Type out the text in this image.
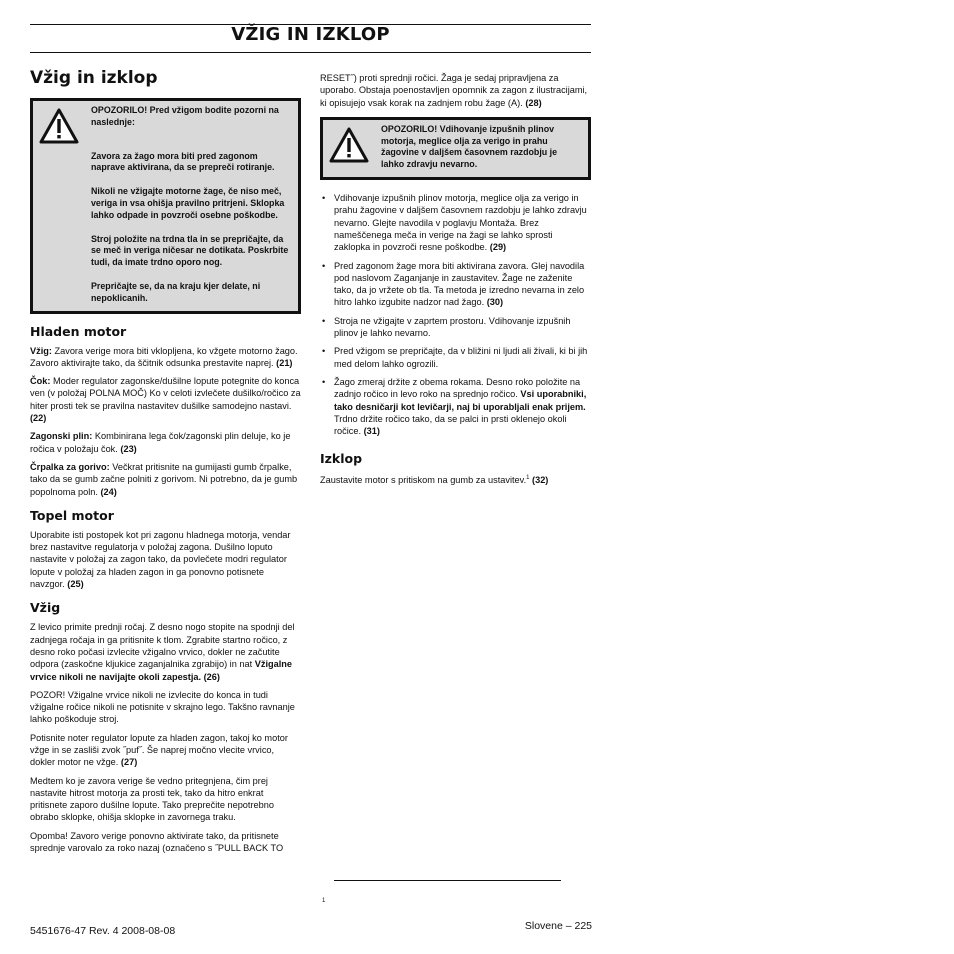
VŽIG IN IZKLOP
Vžig in izklop

OPOZORILO! Pred vžigom bodite pozorni na naslednje:

Zavora za žago mora biti pred zagonom naprave aktivirana, da se prepreči rotiranje.

Nikoli ne vžigajte motorne žage, če niso meč, veriga in vsa ohišja pravilno pritrjeni. Sklopka lahko odpade in povzroči osebne poškodbe.

Stroj položite na trdna tla in se prepričajte, da se meč in veriga ničesar ne dotikata. Poskrbite tudi, da imate trdno oporo nog.

Prepričajte se, da na kraju kjer delate, ni nepoklicanih.

Hladen motor

Vžig: Zavora verige mora biti vklopljena, ko vžgete motorno žago. Zavoro aktivirajte tako, da ščitnik odsunka prestavite naprej. (21)

Čok: Moder regulator zagonske/dušilne lopute potegnite do konca ven (v položaj POLNA MOČ) Ko v celoti izvlečete dušilko/ročico za hiter prosti tek se pravilna nastavitev dušilke samodejno nastavi. (22)

Zagonski plin: Kombinirana lega čok/zagonski plin deluje, ko je ročica v položaju čok. (23)

Črpalka za gorivo: Večkrat pritisnite na gumijasti gumb črpalke, tako da se gumb začne polniti z gorivom. Ni potrebno, da je gumb popolnoma poln. (24)

Topel motor

Uporabite isti postopek kot pri zagonu hladnega motorja, vendar brez nastavitve regulatorja v položaj zagona. Dušilno loputo nastavite v položaj za zagon tako, da povlečete modri regulator lopute v položaj za hladen zagon in ga ponovno potisnete navzgor. (25)

Vžig

Z levico primite prednji ročaj. Z desno nogo stopite na spodnji del zadnjega ročaja in ga pritisnite k tlom. Zgrabite startno ročico, z desno roko počasi izvlecite vžigalno vrvico, dokler ne začutite odpora (zaskočne kljukice zaganjalnika zgrabijo) in nat Vžigalne vrvice nikoli ne navijajte okoli zapestja. (26)

POZOR! Vžigalne vrvice nikoli ne izvlecite do konca in tudi vžigalne ročice nikoli ne potisnite v skrajno lego. Takšno ravnanje lahko poškoduje stroj.

Potisnite noter regulator lopute za hladen zagon, takoj ko motor vžge in se zasliši zvok ˝puf˝. Še naprej močno vlecite vrvico, dokler motor ne vžge. (27)

Medtem ko je zavora verige še vedno pritegnjena, čim prej nastavite hitrost motorja za prosti tek, tako da hitro enkrat pritisnete zaporo dušilne lopute. Tako preprečite nepotrebno obrabo sklopke, ohišja sklopke in zavornega traku.

Opomba! Zavoro verige ponovno aktivirate tako, da pritisnete sprednje varovalo za roko nazaj (označeno s ˝PULL BACK TO

RESET˝) proti sprednji ročici. Žaga je sedaj pripravljena za uporabo. Obstaja poenostavljen opomnik za zagon z ilustracijami, ki opisujejo vsak korak na zadnjem robu žage (A). (28)

OPOZORILO! Vdihovanje izpušnih plinov motorja, meglice olja za verigo in prahu žagovine v daljšem časovnem razdobju je lahko zdravju nevarno.

• Vdihovanje izpušnih plinov motorja, meglice olja za verigo in prahu žagovine v daljšem časovnem razdobju je lahko zdravju nevarno. Glejte navodila v poglavju Montaža. Brez nameščenega meča in verige na žagi se lahko sprosti zaklopka in povzroči resne poškodbe. (29)
• Pred zagonom žage mora biti aktivirana zavora. Glej navodila pod naslovom Zaganjanje in zaustavitev. Žage ne zaženite tako, da jo vržete ob tla. Ta metoda je izredno nevarna in zelo hitro lahko izgubite nadzor nad žago. (30)
• Stroja ne vžigajte v zaprtem prostoru. Vdihovanje izpušnih plinov je lahko nevarno.
• Pred vžigom se prepričajte, da v bližini ni ljudi ali živali, ki bi jih med delom lahko ogrozili.
• Žago zmeraj držite z obema rokama. Desno roko položite na zadnjo ročico in levo roko na sprednjo ročico. Vsi uporabniki, tako desničarji kot levičarji, naj bi uporabljali enak prijem. Trdno držite ročico tako, da se palci in prsti oklenejo okoli ročice. (31)
Izklop

Zaustavite motor s pritiskom na gumb za ustavitev.$^1$ (32)

1
5451676-47 Rev. 4 2008-08-08	Slovene – 225
